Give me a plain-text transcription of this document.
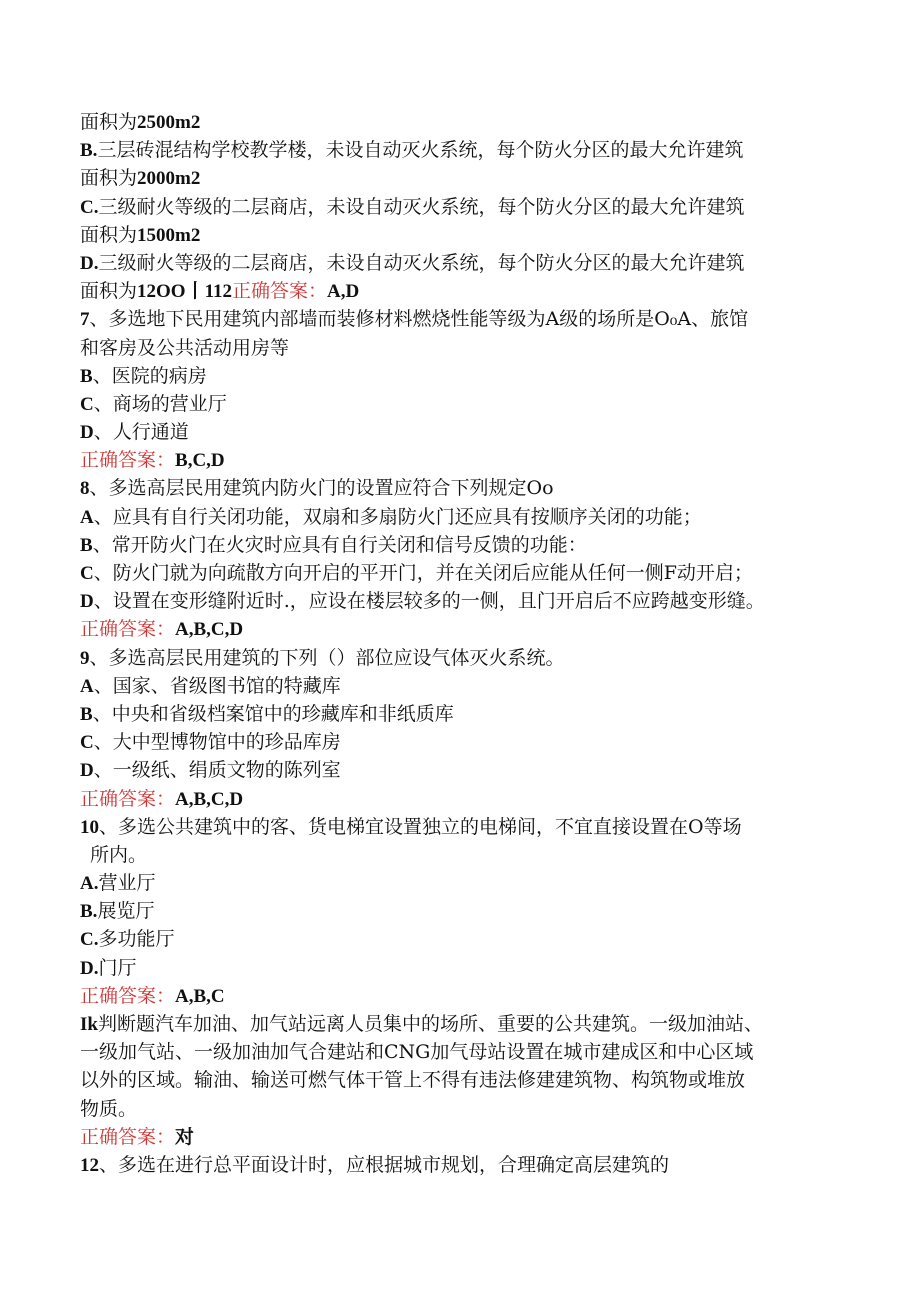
面积为2500m2
B.三层砖混结构学校教学楼，未设自动灭火系统，每个防火分区的最大允许建筑
面积为2000m2
C.三级耐火等级的二层商店，未设自动灭火系统，每个防火分区的最大允许建筑
面积为1500m2
D.三级耐火等级的二层商店，未设自动灭火系统，每个防火分区的最大允许建筑
面积为12OO丨112正确答案：A,D
7、多选地下民用建筑内部墙而装修材料燃烧性能等级为A级的场所是O₀A、旅馆
和客房及公共活动用房等
B、医院的病房
C、商场的营业厅
D、人行通道
正确答案：B,C,D
8、多选高层民用建筑内防火门的设置应符合下列规定Oo
A、应具有自行关闭功能，双扇和多扇防火门还应具有按顺序关闭的功能；
B、常开防火门在火灾时应具有自行关闭和信号反馈的功能：
C、防火门就为向疏散方向开启的平开门，并在关闭后应能从任何一侧F动开启；
D、设置在变形缝附近时.，应设在楼层较多的一侧，且门开启后不应跨越变形缝。
正确答案：A,B,C,D
9、多选高层民用建筑的下列（）部位应设气体灭火系统。
A、国家、省级图书馆的特藏库
B、中央和省级档案馆中的珍藏库和非纸质库
C、大中型博物馆中的珍品库房
D、一级纸、绢质文物的陈列室
正确答案：A,B,C,D
10、多选公共建筑中的客、货电梯宜设置独立的电梯间，不宜直接设置在O等场
所内。
A.营业厅
B.展览厅
C.多功能厅
D.门厅
正确答案：A,B,C
Ik判断题汽车加油、加气站远离人员集中的场所、重要的公共建筑。一级加油站、
一级加气站、一级加油加气合建站和CNG加气母站设置在城市建成区和中心区域
以外的区域。输油、输送可燃气体干管上不得有违法修建建筑物、构筑物或堆放
物质。
正确答案：对
12、多选在进行总平面设计时，应根据城市规划，合理确定高层建筑的
